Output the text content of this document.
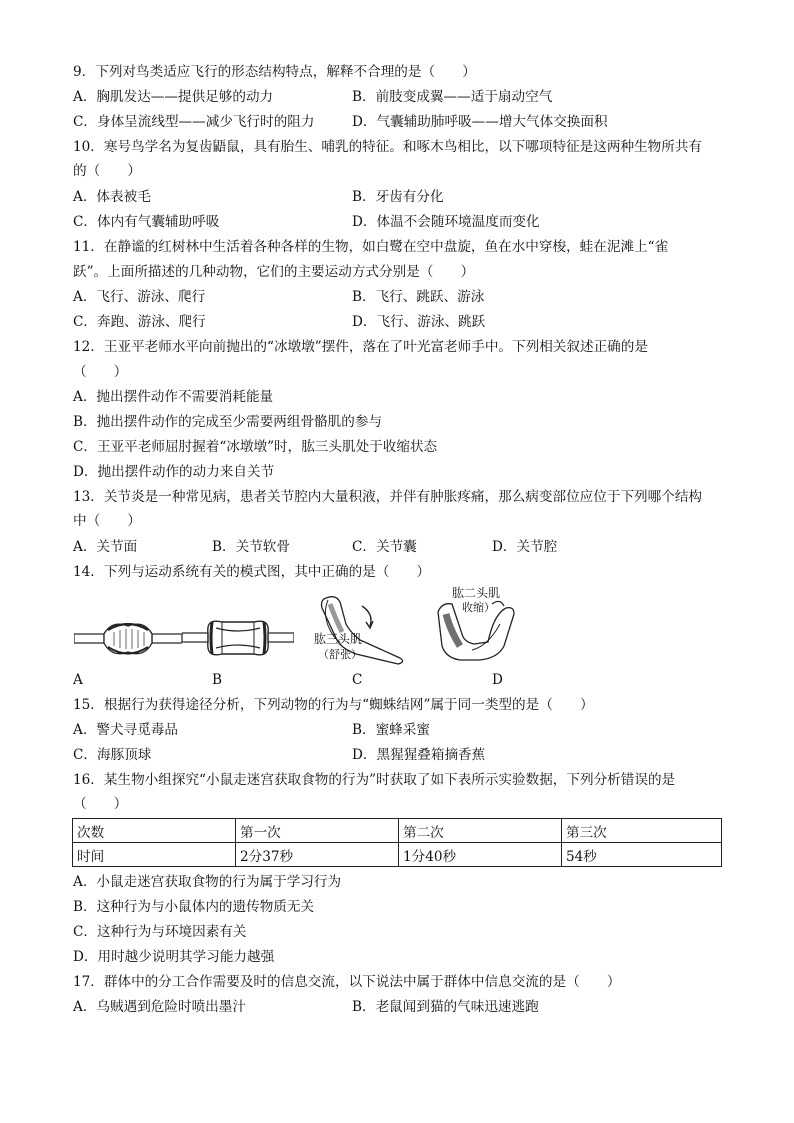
9．下列对鸟类适应飞行的形态结构特点，解释不合理的是（　　）
A．胸肌发达——提供足够的动力	B．前肢变成翼——适于扇动空气
C．身体呈流线型——减少飞行时的阻力	D．气囊辅助肺呼吸——增大气体交换面积
10．寒号鸟学名为复齿鼯鼠，具有胎生、哺乳的特征。和啄木鸟相比，以下哪项特征是这两种生物所共有
的（　　）
A．体表被毛	B．牙齿有分化
C．体内有气囊辅助呼吸	D．体温不会随环境温度而变化
11．在静谧的红树林中生活着各种各样的生物，如白鹭在空中盘旋，鱼在水中穿梭，蛙在泥滩上“雀
跃”。上面所描述的几种动物，它们的主要运动方式分别是（　　）
A．飞行、游泳、爬行	B．飞行、跳跃、游泳
C．奔跑、游泳、爬行	D．飞行、游泳、跳跃
12．王亚平老师水平向前抛出的“冰墩墩”摆件，落在了叶光富老师手中。下列相关叙述正确的是
（　　）
A．抛出摆件动作不需要消耗能量
B．抛出摆件动作的完成至少需要两组骨骼肌的参与
C．王亚平老师屈肘握着“冰墩墩”时，肱三头肌处于收缩状态
D．抛出摆件动作的动力来自关节
13．关节炎是一种常见病，患者关节腔内大量积液，并伴有肿胀疼痛，那么病变部位应位于下列哪个结构
中（　　）
A．关节面	B．关节软骨	C．关节囊	D．关节腔
14．下列与运动系统有关的模式图，其中正确的是（　　）
肱三头肌
（舒张）
肱二头肌
收缩）
A	B	C	D
15．根据行为获得途径分析，下列动物的行为与“蜘蛛结网”属于同一类型的是（　　）
A．警犬寻觅毒品	B．蜜蜂采蜜
C．海豚顶球	D．黑猩猩叠箱摘香蕉
16．某生物小组探究“小鼠走迷宫获取食物的行为”时获取了如下表所示实验数据，下列分析错误的是
（　　）
次数	第一次	第二次	第三次
时间	2分37秒	1分40秒	54秒
A．小鼠走迷宫获取食物的行为属于学习行为
B．这种行为与小鼠体内的遗传物质无关
C．这种行为与环境因素有关
D．用时越少说明其学习能力越强
17．群体中的分工合作需要及时的信息交流，以下说法中属于群体中信息交流的是（　　）
A．乌贼遇到危险时喷出墨汁	B．老鼠闻到猫的气味迅速逃跑
